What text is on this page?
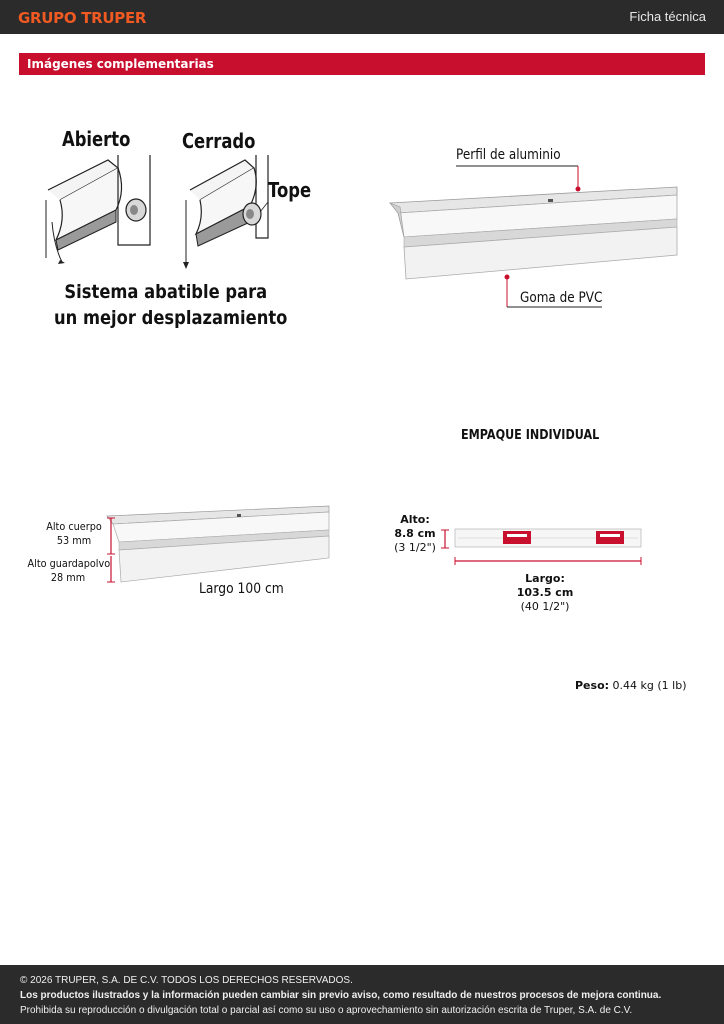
GRUPO TRUPER	Ficha técnica
Imágenes complementarias
Abierto	Cerrado
Tope
Sistema abatible para
un mejor desplazamiento
Perfil de aluminio
Goma de PVC
Alto cuerpo
53 mm
Alto guardapolvo
28 mm
Largo 100 cm
EMPAQUE INDIVIDUAL
Alto:
8.8 cm
(3 1/2")
Largo:
103.5 cm
(40 1/2")
Peso: 0.44 kg (1 lb)
© 2026 TRUPER, S.A. DE C.V. TODOS LOS DERECHOS RESERVADOS.
Los productos ilustrados y la información pueden cambiar sin previo aviso, como resultado de nuestros procesos de mejora continua.
Prohibida su reproducción o divulgación total o parcial así como su uso o aprovechamiento sin autorización escrita de Truper, S.A. de C.V.
